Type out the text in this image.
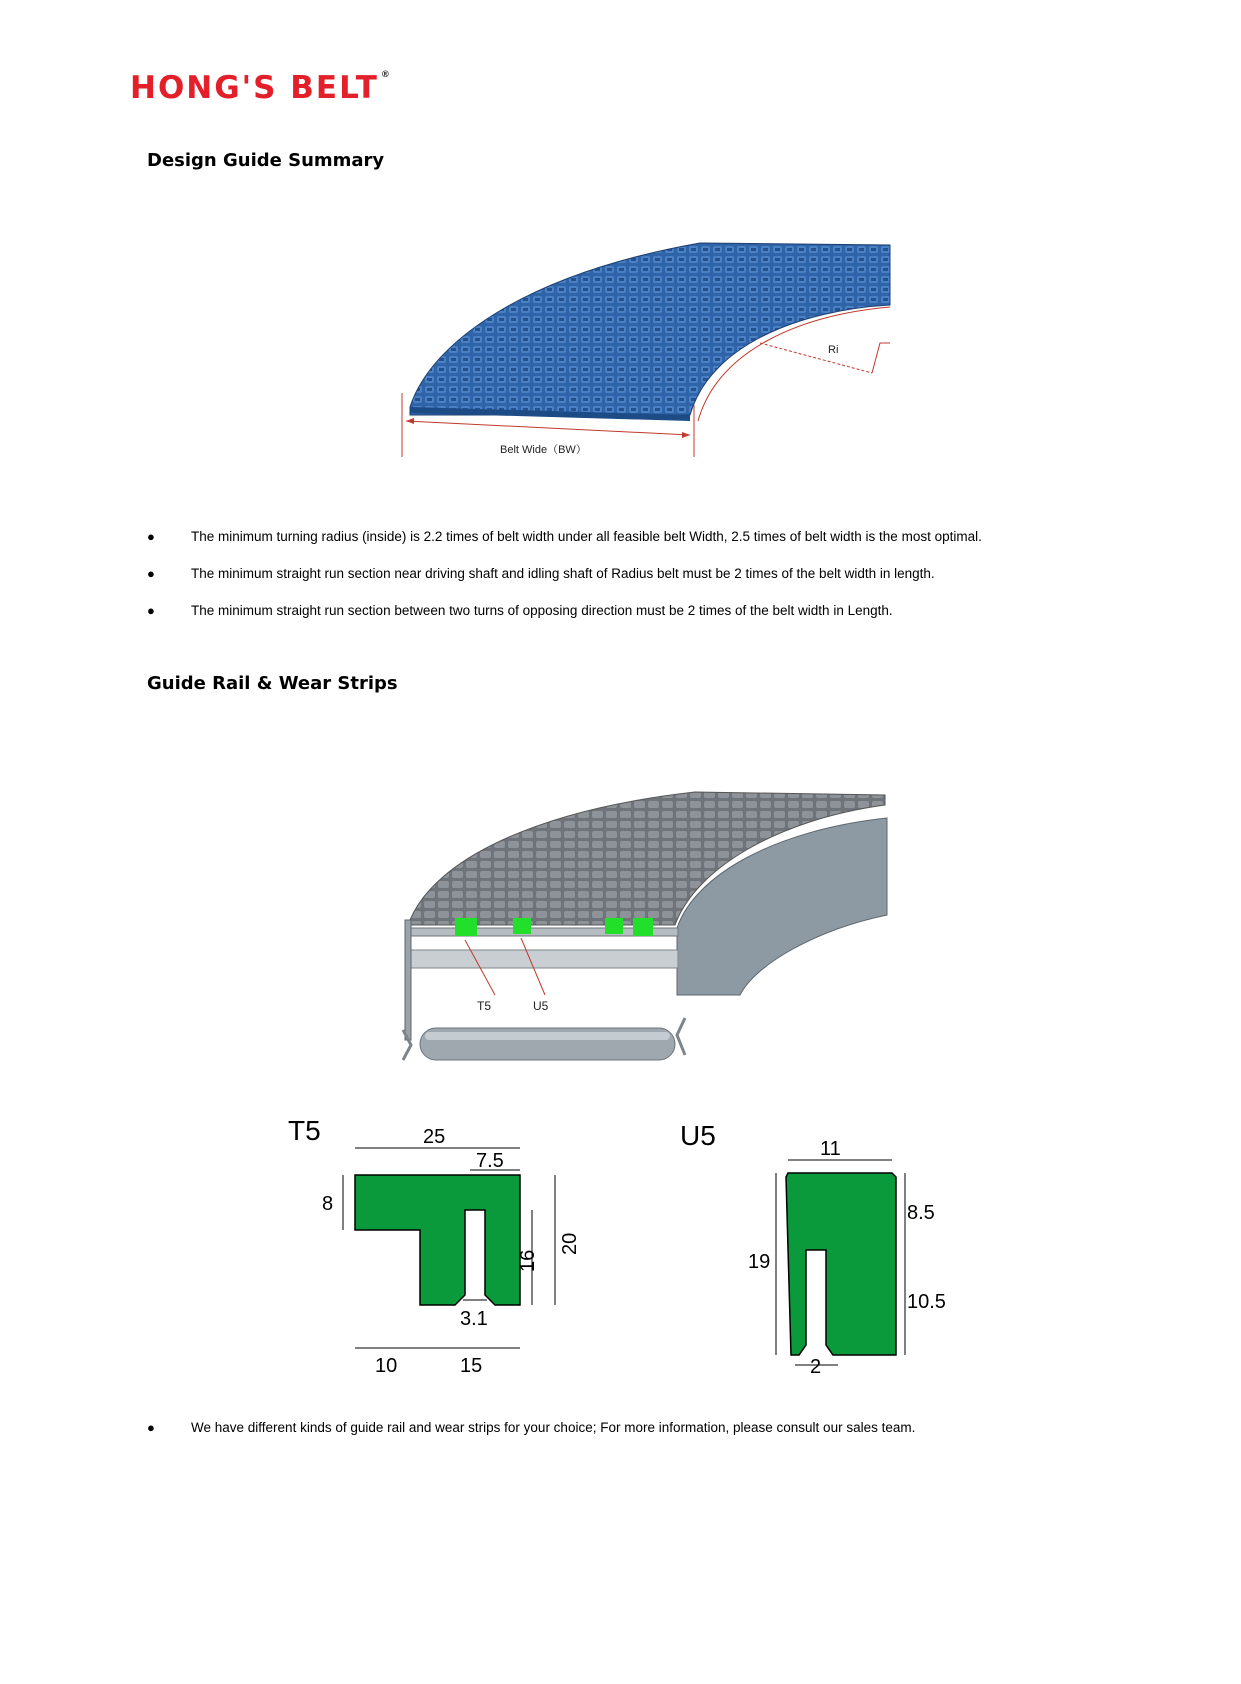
HONG'S BELT ®
Design Guide Summary
Belt Wide（BW）
Ri
●	The minimum turning radius (inside) is 2.2 times of belt width under all feasible belt Width, 2.5 times of belt width is the most optimal.
●	The minimum straight run section near driving shaft and idling shaft of Radius belt must be 2 times of the belt width in length.
●	The minimum straight run section between two turns of opposing direction must be 2 times of the belt width in Length.
Guide Rail & Wear Strips
T5	U5
T5	25
7.5
8
16
20
3.1
10	15
U5	11
8.5
19
10.5
2
●	We have different kinds of guide rail and wear strips for your choice; For more information, please consult our sales team.
